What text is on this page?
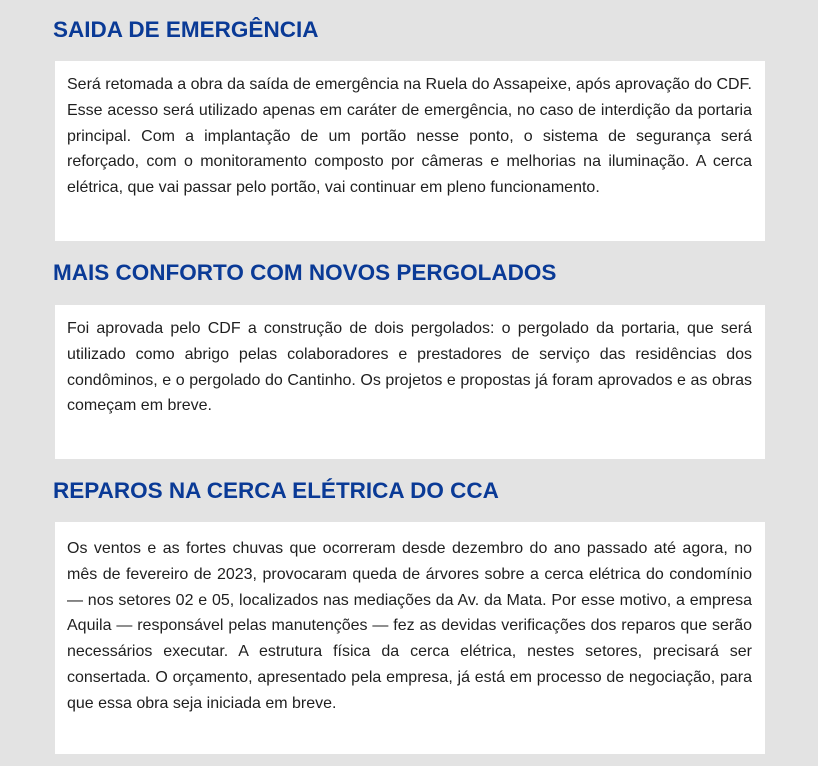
SAIDA DE EMERGÊNCIA

Será retomada a obra da saída de emergência na Ruela do Assapeixe, após aprovação do CDF. Esse acesso será utilizado apenas em caráter de emergência, no caso de interdição da portaria principal. Com a implantação de um portão nesse ponto, o sistema de segurança será reforçado, com o monitoramento composto por câmeras e melhorias na iluminação. A cerca elétrica, que vai passar pelo portão, vai continuar em pleno funcionamento.

MAIS CONFORTO COM NOVOS PERGOLADOS

Foi aprovada pelo CDF a construção de dois pergolados: o pergolado da portaria, que será utilizado como abrigo pelas colaboradores e prestadores de serviço das residências dos condôminos, e o pergolado do Cantinho. Os projetos e propostas já foram aprovados e as obras começam em breve.

REPAROS NA CERCA ELÉTRICA DO CCA

Os ventos e as fortes chuvas que ocorreram desde dezembro do ano passado até agora, no mês de fevereiro de 2023, provocaram queda de árvores sobre a cerca elétrica do condomínio — nos setores 02 e 05, localizados nas mediações da Av. da Mata. Por esse motivo, a empresa Aquila — responsável pelas manutenções — fez as devidas verificações dos reparos que serão necessários executar. A estrutura física da cerca elétrica, nestes setores, precisará ser consertada. O orçamento, apresentado pela empresa, já está em processo de negociação, para que essa obra seja iniciada em breve.
